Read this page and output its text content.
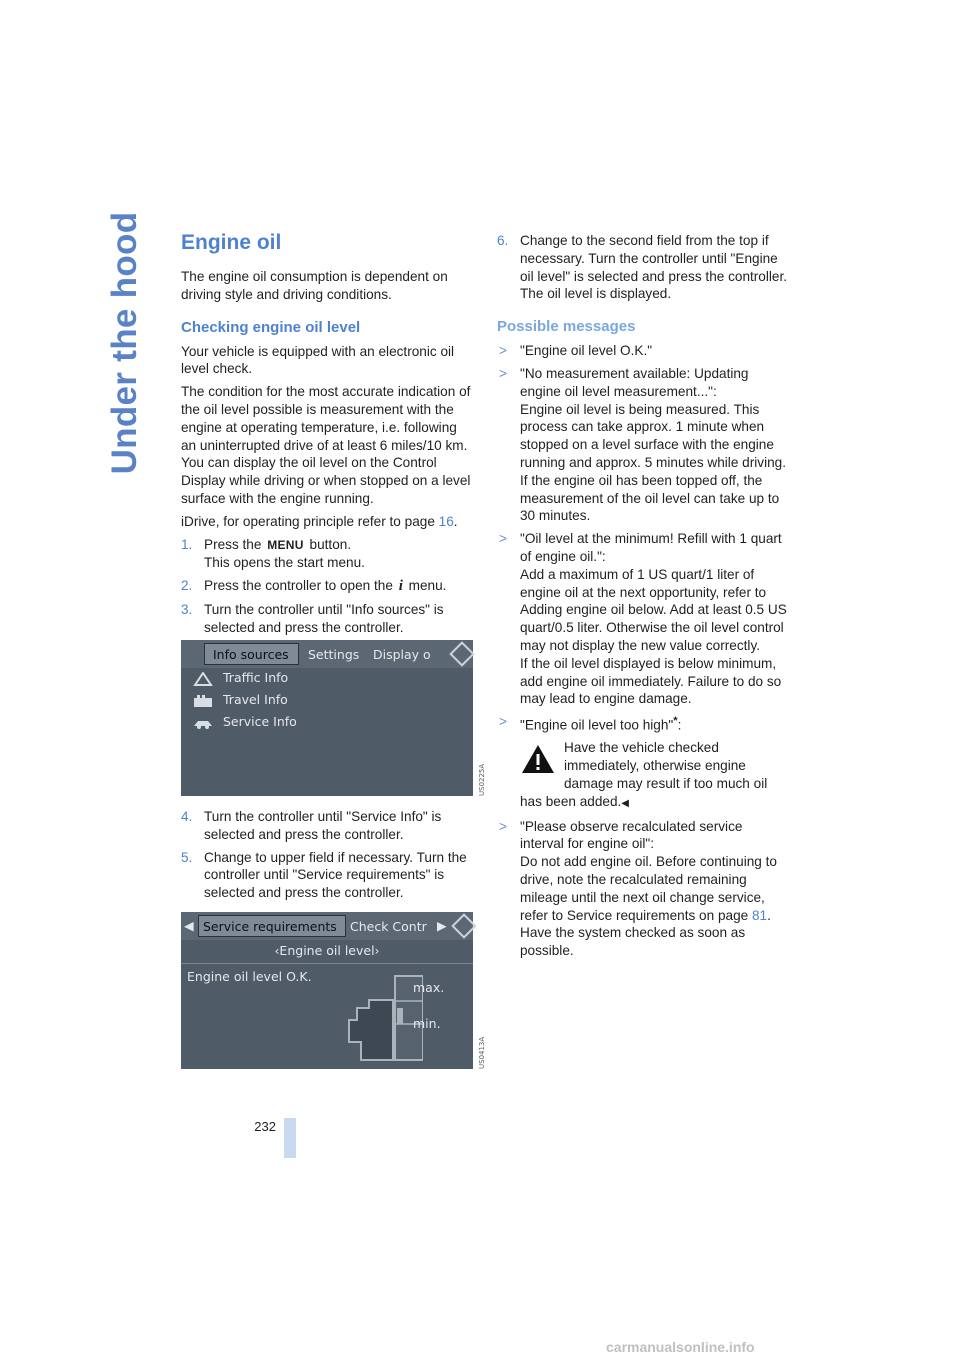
Under the hood Engine oil

The engine oil consumption is dependent on driving style and driving conditions.

Checking engine oil level

Your vehicle is equipped with an electronic oil level check.

The condition for the most accurate indication of the oil level possible is measurement with the engine at operating temperature, i.e. following an uninterrupted drive of at least 6 miles/10 km. You can display the oil level on the Control Display while driving or when stopped on a level surface with the engine running.

iDrive, for operating principle refer to page 16.

1. Press the MENU button.
This opens the start menu.
2. Press the controller to open the i menu.
3. Turn the controller until "Info sources" is selected and press the controller.
Info sources Settings Display o
Traffic Info
Travel Info
Service Info
US0225A
4. Turn the controller until "Service Info" is selected and press the controller.
5. Change to upper field if necessary. Turn the controller until "Service requirements" is selected and press the controller.
◀ Service requirements Check Contr ▶
‹Engine oil level›
Engine oil level O.K.
max.
min.
US0413A
6. Change to the second field from the top if necessary. Turn the controller until "Engine oil level" is selected and press the controller. The oil level is displayed.
Possible messages
> "Engine oil level O.K."
> "No measurement available: Updating engine oil level measurement...":
Engine oil level is being measured. This process can take approx. 1 minute when stopped on a level surface with the engine running and approx. 5 minutes while driving.
If the engine oil has been topped off, the measurement of the oil level can take up to 30 minutes.
> "Oil level at the minimum! Refill with 1 quart of engine oil.":
Add a maximum of 1 US quart/1 liter of engine oil at the next opportunity, refer to Adding engine oil below. Add at least 0.5 US quart/0.5 liter. Otherwise the oil level control may not display the new value correctly.
If the oil level displayed is below minimum, add engine oil immediately. Failure to do so may lead to engine damage.
> "Engine oil level too high"*:
Have the vehicle checked immediately, otherwise engine damage may result if too much oil has been added.◀
> "Please observe recalculated service interval for engine oil":
Do not add engine oil. Before continuing to drive, note the recalculated remaining mileage until the next oil change service, refer to Service requirements on page 81. Have the system checked as soon as possible.
232
carmanualsonline.info
